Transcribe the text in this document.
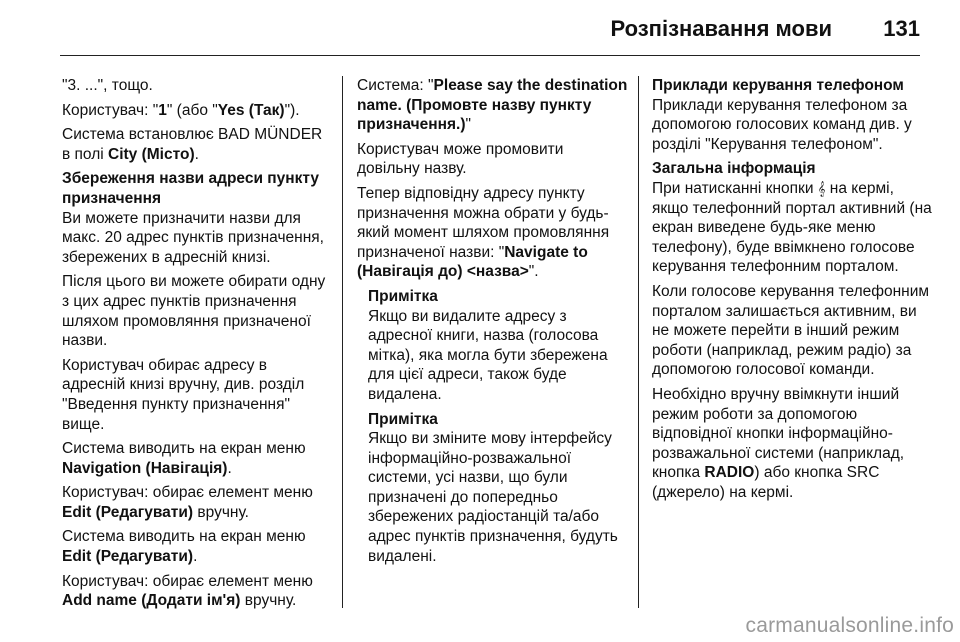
Розпізнавання мови 131

"3. ...", тощо.

Користувач: "1" (або "Yes (Так)").

Система встановлює BAD MÜNDER в полі City (Місто).

Збереження назви адреси пункту призначення

Ви можете призначити назви для макс. 20 адрес пунктів призначення, збережених в адресній книзі.

Після цього ви можете обирати одну з цих адрес пунктів призначення шляхом промовляння призначеної назви.

Користувач обирає адресу в адресній книзі вручну, див. розділ "Введення пункту призначення" вище.

Система виводить на екран меню Navigation (Навігація).

Користувач: обирає елемент меню Edit (Редагувати) вручну.

Система виводить на екран меню Edit (Редагувати).

Користувач: обирає елемент меню Add name (Додати ім'я) вручну.

Система: "Please say the destination name. (Промовте назву пункту призначення.)"

Користувач може промовити довільну назву.

Тепер відповідну адресу пункту призначення можна обрати у будь-який момент шляхом промовляння призначеної назви: "Navigate to (Навігація до) <назва>".

Примітка

Якщо ви видалите адресу з адресної книги, назва (голосова мітка), яка могла бути збережена для цієї адреси, також буде видалена.

Примітка

Якщо ви зміните мову інтерфейсу інформаційно-розважальної системи, усі назви, що були призначені до попередньо збережених радіостанцій та/або адрес пунктів призначення, будуть видалені.

Приклади керування телефоном

Приклади керування телефоном за допомогою голосових команд див. у розділі "Керування телефоном".

Загальна інформація

При натисканні кнопки 𝄞 на кермі, якщо телефонний портал активний (на екран виведене будь-яке меню телефону), буде ввімкнено голосове керування телефонним порталом.

Коли голосове керування телефонним порталом залишається активним, ви не можете перейти в інший режим роботи (наприклад, режим радіо) за допомогою голосової команди.

Необхідно вручну ввімкнути інший режим роботи за допомогою відповідної кнопки інформаційно-розважальної системи (наприклад, кнопка RADIO) або кнопка SRC (джерело) на кермі.

carmanualsonline.info
